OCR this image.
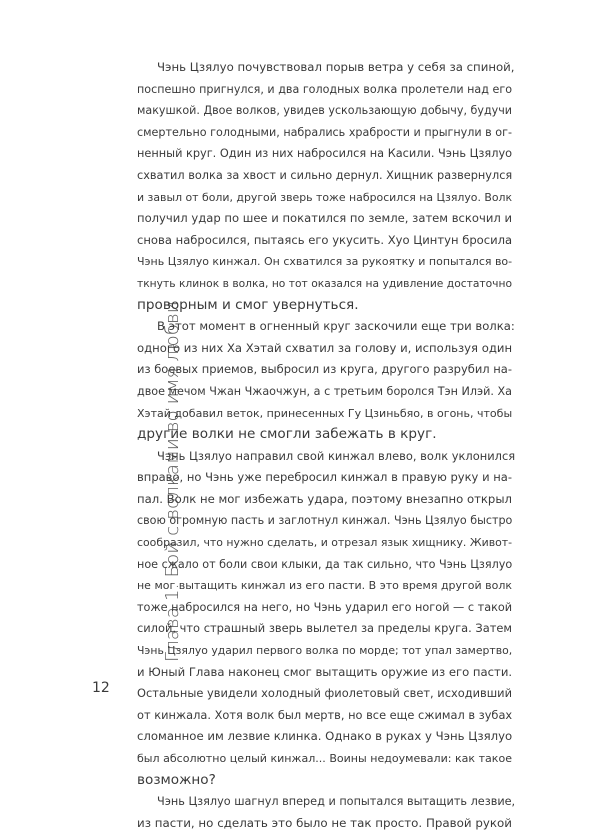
Глава 1. Бой с волками во имя любви

Чэнь Цзялуо почувствовал порыв ветра у себя за спиной,
поспешно пригнулся, и два голодных волка пролетели над его
макушкой. Двое волков, увидев ускользающую добычу, будучи
смертельно голодными, набрались храбрости и прыгнули в ог-
ненный круг. Один из них набросился на Касили. Чэнь Цзялуо
схватил волка за хвост и сильно дернул. Хищник развернулся
и завыл от боли, другой зверь тоже набросился на Цзялуо. Волк
получил удар по шее и покатился по земле, затем вскочил и
снова набросился, пытаясь его укусить. Хуо Цинтун бросила
Чэнь Цзялуо кинжал. Он схватился за рукоятку и попытался во-
ткнуть клинок в волка, но тот оказался на удивление достаточно
проворным и смог увернуться.

В этот момент в огненный круг заскочили еще три волка:
одного из них Ха Хэтай схватил за голову и, используя один
из боевых приемов, выбросил из круга, другого разрубил на-
двое мечом Чжан Чжаочжун, а с третьим боролся Тэн Илэй. Ха
Хэтай добавил веток, принесенных Гу Цзиньбяо, в огонь, чтобы
другие волки не смогли забежать в круг.

Чэнь Цзялуо направил свой кинжал влево, волк уклонился
вправо, но Чэнь уже перебросил кинжал в правую руку и на-
пал. Волк не мог избежать удара, поэтому внезапно открыл
свою огромную пасть и заглотнул кинжал. Чэнь Цзялуо быстро
сообразил, что нужно сделать, и отрезал язык хищнику. Живот-
ное сжало от боли свои клыки, да так сильно, что Чэнь Цзялуо
не мог вытащить кинжал из его пасти. В это время другой волк
тоже набросился на него, но Чэнь ударил его ногой — с такой
силой, что страшный зверь вылетел за пределы круга. Затем
Чэнь Цзялуо ударил первого волка по морде; тот упал замертво,
и Юный Глава наконец смог вытащить оружие из его пасти.
Остальные увидели холодный фиолетовый свет, исходивший
от кинжала. Хотя волк был мертв, но все еще сжимал в зубах
сломанное им лезвие клинка. Однако в руках у Чэнь Цзялуо
был абсолютно целый кинжал... Воины недоумевали: как такое
возможно?

Чэнь Цзялуо шагнул вперед и попытался вытащить лезвие,
из пасти, но сделать это было не так просто. Правой рукой

12
